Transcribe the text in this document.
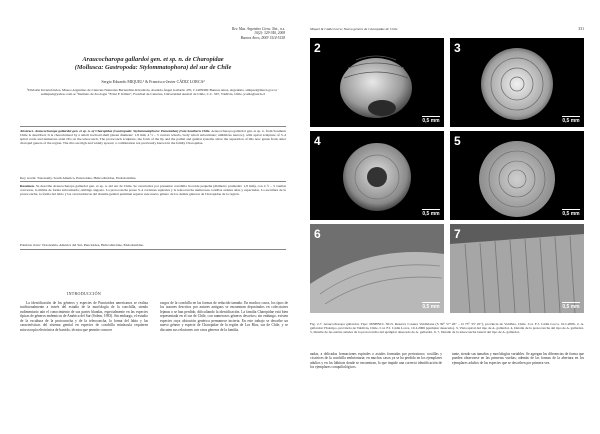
Rev. Mus. Argentino Cienc. Nat., n.s.
10(2): 329-340, 2008
Buenos Aires, ISSN 1514-5158
Araucocharopa gallardoi gen. et sp. n. de Charopidae
(Mollusca: Gastropoda: Stylommatophora) del sur de Chile
Sergio Eduardo MIQUEL¹ & Francisco-Javier CÁDIZ LORCA²
¹División Invertebrados, Museo Argentino de Ciencias Naturales Bernardino Rivadavia, Avenida Ángel Gallardo 470, C1405DJR Buenos Aires, Argentina. smiquel@macn.gov.ar · semiquel@yahoo.com.ar ²Instituto de Zoología “Ernst F. Kilian”, Facultad de Ciencias, Universidad Austral de Chile, C.C. 567, Valdivia, Chile. jcadiz@uach.cl
Abstract. Araucocharopa gallardoi gen. et sp. n. of Charopidae (Gastropoda: Stylommatophora: Punctoidea) from Southern Chile. Araucocharopa gallardoi gen. et sp. n. from Southern Chile is described. It is characterised by a small trochoid shell (mean diameter: 1.8 mm; 4 ½ – 5 convex whorls, body whorl subcarinate; umbilicus narrow), with apical sculpture of 3–4 spiral cords and numerous axial ribs on the teleoconch. The protoconch sculpture, the form of the lip and the pallial and genital systems allow the separation of this new genus from other charopid genera of the region. The ribs are high and widely spaced, a combination not previously known in the family Charopidae.
Key words: Taxonomy, South America, Punctoidea, Helicodiscidae, Endodontidae.
Resumen. Se describe Araucocharopa gallardoi gen. et sp. n. del sur de Chile. Se caracteriza por presentar conchilla trocoide pequeña (diámetro promedio: 1,8 mm), con 4 ½ – 5 vueltas convexas, la última de forma subcarinada; ombligo angosto. La protoconcha posee 3–4 cordónes espirales y la teleoconcha numerosas costillas axiales altas y espaciadas. La escultura de la protoconcha, la forma del labio y las características del sistema genital permiten separar este nuevo género de los demás géneros de Charopidae de la región.
Palabras clave: Taxonomía, América del Sur, Punctoidea, Helicodiscidae, Endodontidae.
INTRODUCCIÓN
La identificación de los géneros y especies de Punctoidea americanos se realiza tradicionalmente a través del estudio de la morfología de la conchilla, siendo rudimentario aún el conocimiento de sus partes blandas, especialmente en las especies típicas de géneros endemicos de América del Sur (Solem, 1983). Sin embargo, el estudio de la escultura de la protoconcha y de la teleoconcha, la forma del labio y las características del sistema genital en especies de conchilla minúscula requieren microscopía electrónica de barrido, técnica que permite conocer
rasgos de la conchilla en las formas de reducido tamaño. En muchos casos, los tipos de los taxones descritos por autores antiguos se encuentran depositados en colecciones lejanas o se han perdido, dificultando la identificación. La familia Charopidae está bien representada en el sur de Chile, con numerosos géneros descritos; sin embargo, existen especies cuya ubicación genérica permanece incierta. En este trabajo se describe un nuevo género y especie de Charopidae de la región de Los Ríos, sur de Chile, y se discuten sus relaciones con otros géneros de la familia.
Miquel & Cádiz Lorca: Nuevo género de Charopidae de Chile	331
2
0,5 mm
3
0,5 mm
4
0,5 mm
5
0,5 mm
6
0,5 mm
7
0,5 mm
Fig. 2-7. Araucocharopa gallardoi. Tipo: MNHNCL 5613. Reserva Costera Valdiviana (S 39° 57’ 26” – O 73° 33’ 45”), provincia de Valdivia, Chile. Col. F.J. Cádiz Lorca, 10-I-2006. 2, A. gallardoi: Holotipo, provincia de Valdivia, Chile. Col. F.J. Cádiz Lorca, 10-I-2006 (ejemplar desecado). 3, Vista apical del tipo de A. gallardoi. 4, Detalle de la protoconcha del tipo de A. gallardoi. 5, Detalle de las estrías axiales de la protoconcha del ejemplar desecado de A. gallardoi. 6, 7, Detalle de la teleoconcha lateral del tipo de A. gallardoi.
nadas, a delicadas formaciones espirales o axiales formadas por periostraco; costillas y cicatrices de la conchilla embrionaria; en muchos casos ya se ha perdido en los ejemplares adultos y en los hábitats donde se encuentran, lo que impide una correcta identificación de los ejemplares conquiliológicos.
tante, siendo sus tamaños y morfologías variables. Se agregan las diferencias de forma que pueden observarse en las primeras vueltas; además de las formas de la abertura en los ejemplares adultos de las especies que se describen por primera vez.
